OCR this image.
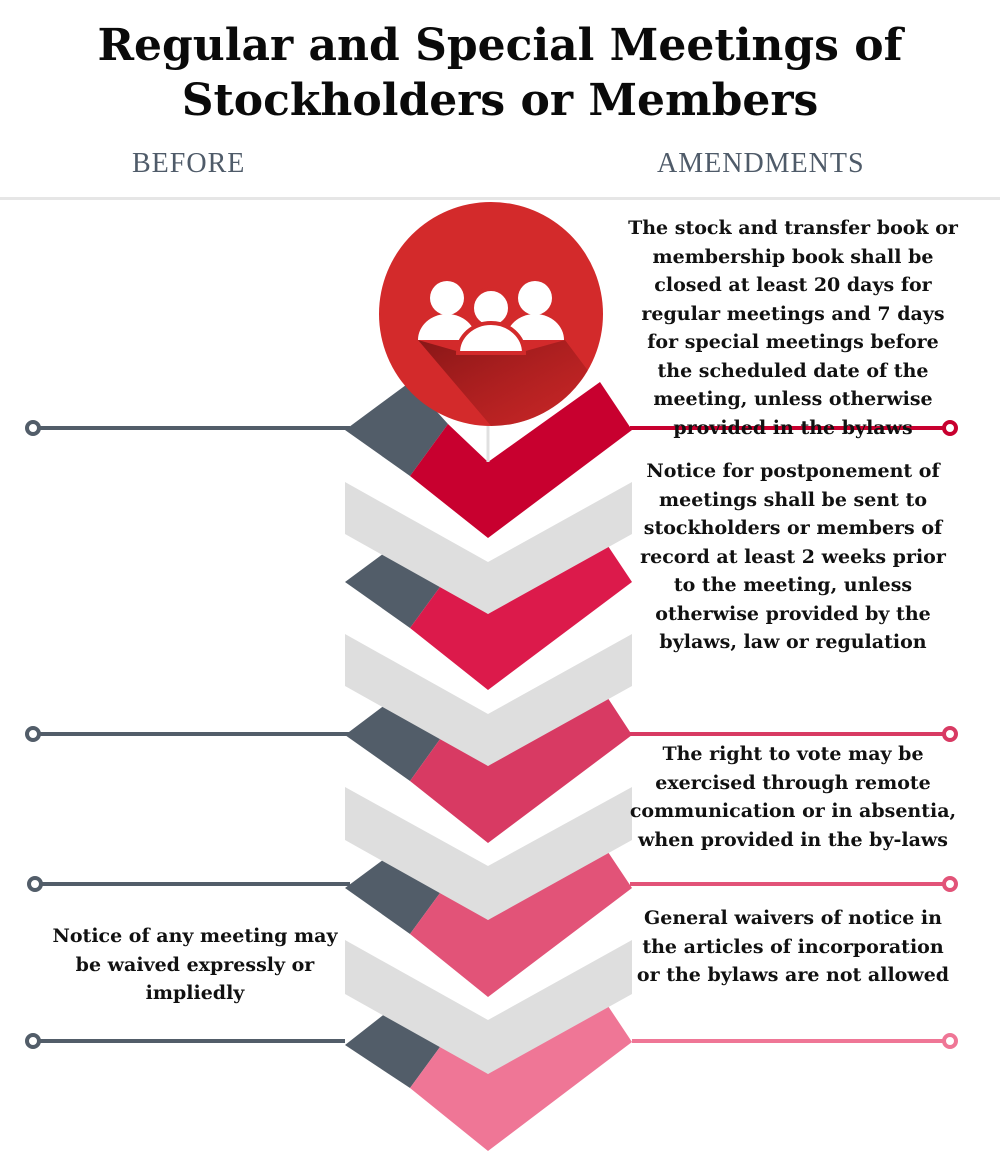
Regular and Special Meetings of
Stockholders or Members
BEFORE	AMENDMENTS

The stock and transfer book or membership book shall be closed at least 20 days for regular meetings and 7 days for special meetings before the scheduled date of the meeting, unless otherwise provided in the bylaws

Notice for postponement of meetings shall be sent to stockholders or members of record at least 2 weeks prior to the meeting, unless otherwise provided by the bylaws, law or regulation

The right to vote may be exercised through remote communication or in absentia, when provided in the by-laws

General waivers of notice in the articles of incorporation or the bylaws are not allowed

Notice of any meeting may be waived expressly or impliedly
